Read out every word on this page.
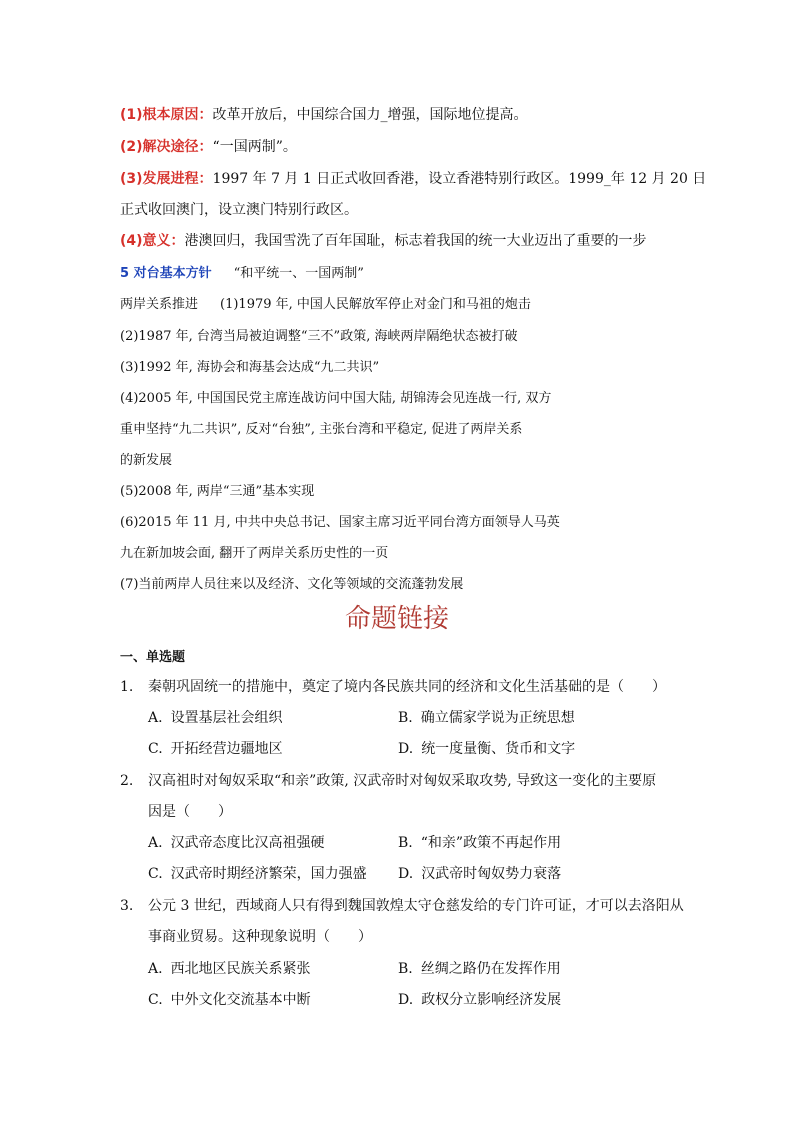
(1)根本原因：改革开放后，中国综合国力_增强，国际地位提高。
(2)解决途径：“一国两制”。
(3)发展进程：1997 年 7 月 1 日正式收回香港，设立香港特别行政区。1999_年 12 月 20 日
正式收回澳门，设立澳门特别行政区。
(4)意义：港澳回归，我国雪洗了百年国耻，标志着我国的统一大业迈出了重要的一步
5 对台基本方针 “和平统一、一国两制”
两岸关系推进 (1)1979 年, 中国人民解放军停止对金门和马祖的炮击
(2)1987 年, 台湾当局被迫调整“三不”政策, 海峡两岸隔绝状态被打破
(3)1992 年, 海协会和海基会达成“九二共识”
(4)2005 年, 中国国民党主席连战访问中国大陆, 胡锦涛会见连战一行, 双方
重申坚持“九二共识”, 反对“台独”, 主张台湾和平稳定, 促进了两岸关系
的新发展
(5)2008 年, 两岸“三通”基本实现
(6)2015 年 11 月, 中共中央总书记、国家主席习近平同台湾方面领导人马英
九在新加坡会面, 翻开了两岸关系历史性的一页
(7)当前两岸人员往来以及经济、文化等领域的交流蓬勃发展
命题链接
一、单选题
1. 秦朝巩固统一的措施中，奠定了境内各民族共同的经济和文化生活基础的是（　　）
A. 设置基层社会组织	B. 确立儒家学说为正统思想
C. 开拓经营边疆地区	D. 统一度量衡、货币和文字
2. 汉高祖时对匈奴采取“和亲”政策, 汉武帝时对匈奴采取攻势, 导致这一变化的主要原
因是（　　）
A. 汉武帝态度比汉高祖强硬	B. “和亲”政策不再起作用
C. 汉武帝时期经济繁荣，国力强盛 D. 汉武帝时匈奴势力衰落
3. 公元 3 世纪，西域商人只有得到魏国敦煌太守仓慈发给的专门许可证，才可以去洛阳从
事商业贸易。这种现象说明（　　）
A. 西北地区民族关系紧张	B. 丝绸之路仍在发挥作用
C. 中外文化交流基本中断	D. 政权分立影响经济发展
